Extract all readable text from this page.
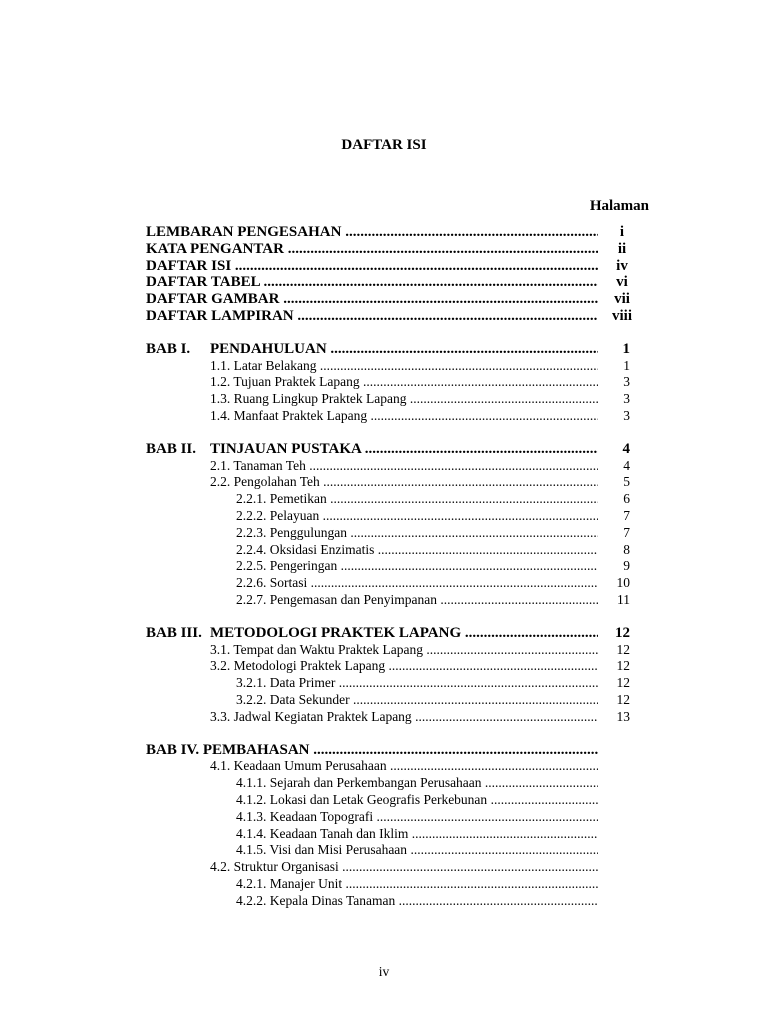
DAFTAR ISI
Halaman
LEMBARAN PENGESAHAN .....	i
KATA PENGANTAR .....	ii
DAFTAR ISI .....	iv
DAFTAR TABEL .....	vi
DAFTAR GAMBAR .....	vii
DAFTAR LAMPIRAN .....	viii
BAB I. PENDAHULUAN .....	1
1.1. Latar Belakang .....	1
1.2. Tujuan Praktek Lapang .....	3
1.3. Ruang Lingkup Praktek Lapang .....	3
1.4. Manfaat Praktek Lapang .....	3
BAB II. TINJAUAN PUSTAKA .....	4
2.1. Tanaman Teh .....	4
2.2. Pengolahan Teh .....	5
2.2.1. Pemetikan .....	6
2.2.2. Pelayuan .....	7
2.2.3. Penggulungan .....	7
2.2.4. Oksidasi Enzimatis .....	8
2.2.5. Pengeringan .....	9
2.2.6. Sortasi .....	10
2.2.7. Pengemasan dan Penyimpanan .....	11
BAB III. METODOLOGI PRAKTEK LAPANG .....	12
3.1. Tempat dan Waktu Praktek Lapang .....	12
3.2. Metodologi Praktek Lapang .....	12
3.2.1. Data Primer .....	12
3.2.2. Data Sekunder .....	12
3.3. Jadwal Kegiatan Praktek Lapang .....	13
BAB IV. PEMBAHASAN .....
4.1. Keadaan Umum Perusahaan .....
4.1.1. Sejarah dan Perkembangan Perusahaan .....
4.1.2. Lokasi dan Letak Geografis Perkebunan .....
4.1.3. Keadaan Topografi .....
4.1.4. Keadaan Tanah dan Iklim .....
4.1.5. Visi dan Misi Perusahaan .....
4.2. Struktur Organisasi .....
4.2.1. Manajer Unit .....
4.2.2. Kepala Dinas Tanaman .....
iv
